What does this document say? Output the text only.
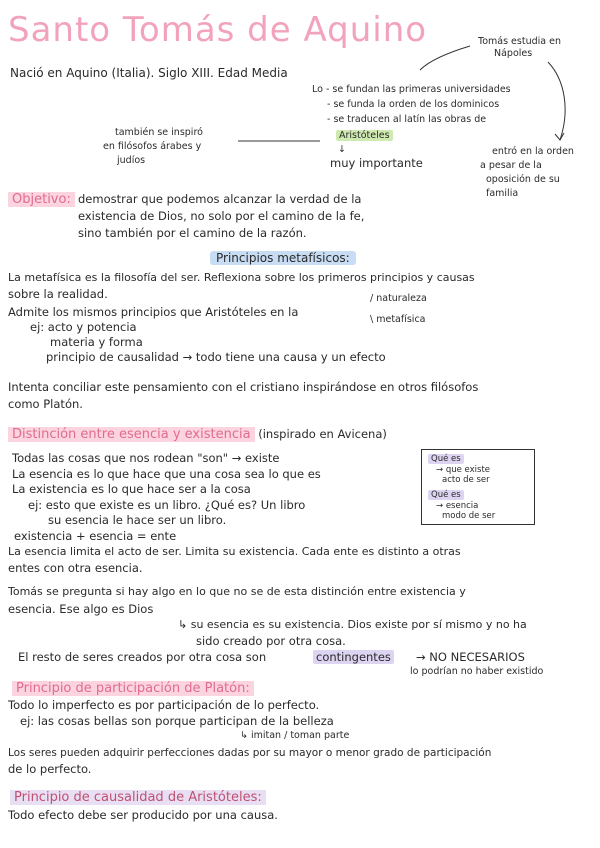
Santo Tomás de Aquino	Tomás estudia en
Nápoles
Nació en Aquino (Italia). Siglo XIII. Edad Media
Lo - se fundan las primeras universidades
- se funda la orden de los dominicos
- se traducen al latín las obras de
Aristóteles
↓
muy importante
también se inspiró
en filósofos árabes y
judíos
entró en la orden
a pesar de la
oposición de su
familia
Objetivo: demostrar que podemos alcanzar la verdad de la
existencia de Dios, no solo por el camino de la fe,
sino también por el camino de la razón.
Principios metafísicos:
La metafísica es la filosofía del ser. Reflexiona sobre los primeros principios y causas
sobre la realidad.
Admite los mismos principios que Aristóteles en la
ej: acto y potencia
materia y forma
principio de causalidad → todo tiene una causa y un efecto
/ naturaleza
\ metafísica
Intenta conciliar este pensamiento con el cristiano inspirándose en otros filósofos
como Platón.
Distinción entre esencia y existencia (inspirado en Avicena)
Todas las cosas que nos rodean "son" → existe
La esencia es lo que hace que una cosa sea lo que es
La existencia es lo que hace ser a la cosa
ej: esto que existe es un libro. ¿Qué es? Un libro
su esencia le hace ser un libro.
existencia + esencia = ente
La esencia limita el acto de ser. Limita su existencia. Cada ente es distinto a otras
entes con otra esencia.
Qué es
→ que existe
acto de ser
Qué es
→ esencia
modo de ser
Tomás se pregunta si hay algo en lo que no se de esta distinción entre existencia y
esencia. Ese algo es Dios
↳ su esencia es su existencia. Dios existe por sí mismo y no ha
sido creado por otra cosa.
El resto de seres creados por otra cosa son	contingentes → NO NECESARIOS
lo podrían no haber existido
Principio de participación de Platón:
Todo lo imperfecto es por participación de lo perfecto.
ej: las cosas bellas son porque participan de la belleza
↳ imitan / toman parte
Los seres pueden adquirir perfecciones dadas por su mayor o menor grado de participación
de lo perfecto.
Principio de causalidad de Aristóteles:
Todo efecto debe ser producido por una causa.
